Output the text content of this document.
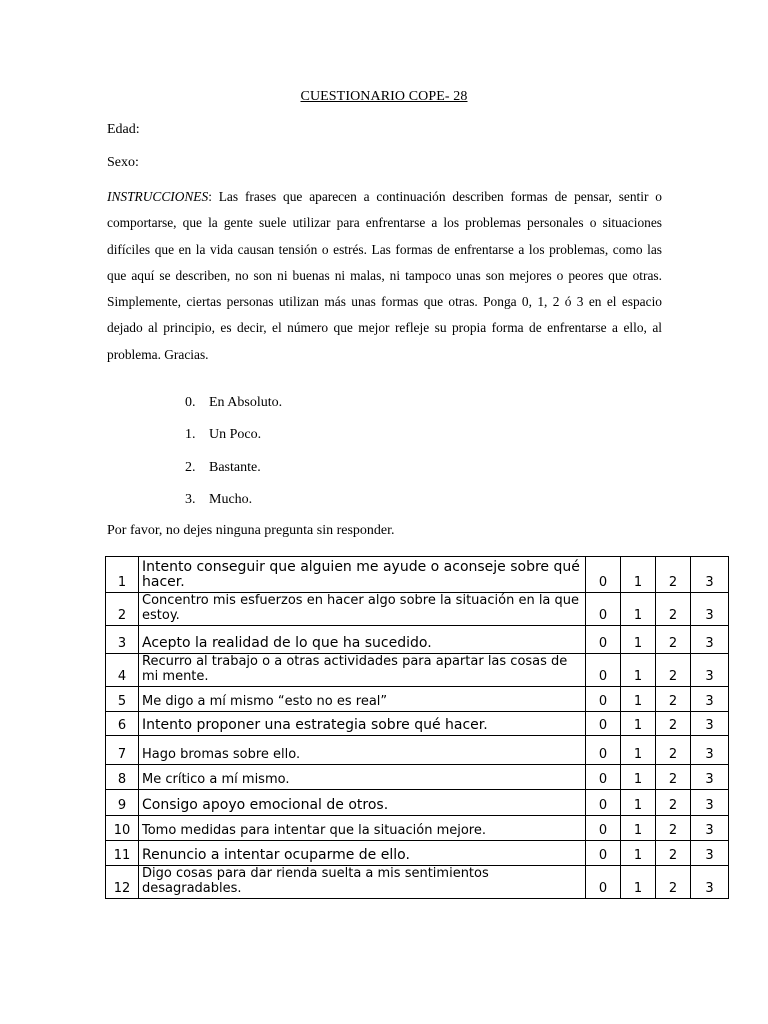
CUESTIONARIO COPE- 28
Edad:
Sexo:
INSTRUCCIONES: Las frases que aparecen a continuación describen formas de pensar, sentir o comportarse, que la gente suele utilizar para enfrentarse a los problemas personales o situaciones difíciles que en la vida causan tensión o estrés. Las formas de enfrentarse a los problemas, como las que aquí se describen, no son ni buenas ni malas, ni tampoco unas son mejores o peores que otras. Simplemente, ciertas personas utilizan más unas formas que otras. Ponga 0, 1, 2 ó 3 en el espacio dejado al principio, es decir, el número que mejor refleje su propia forma de enfrentarse a ello, al problema. Gracias.
0. En Absoluto.
1. Un Poco.
2. Bastante.
3. Mucho.
Por favor, no dejes ninguna pregunta sin responder.
1	Intento conseguir que alguien me ayude o aconseje sobre qué hacer.	0	1	2	3
2	Concentro mis esfuerzos en hacer algo sobre la situación en la que estoy.	0	1	2	3
3	Acepto la realidad de lo que ha sucedido.	0	1	2	3
4	Recurro al trabajo o a otras actividades para apartar las cosas de mi mente.	0	1	2	3
5	Me digo a mí mismo “esto no es real”	0	1	2	3
6	Intento proponer una estrategia sobre qué hacer.	0	1	2	3
7	Hago bromas sobre ello.	0	1	2	3
8	Me crítico a mí mismo.	0	1	2	3
9	Consigo apoyo emocional de otros.	0	1	2	3
10	Tomo medidas para intentar que la situación mejore.	0	1	2	3
11	Renuncio a intentar ocuparme de ello.	0	1	2	3
12	Digo cosas para dar rienda suelta a mis sentimientos desagradables.	0	1	2	3
